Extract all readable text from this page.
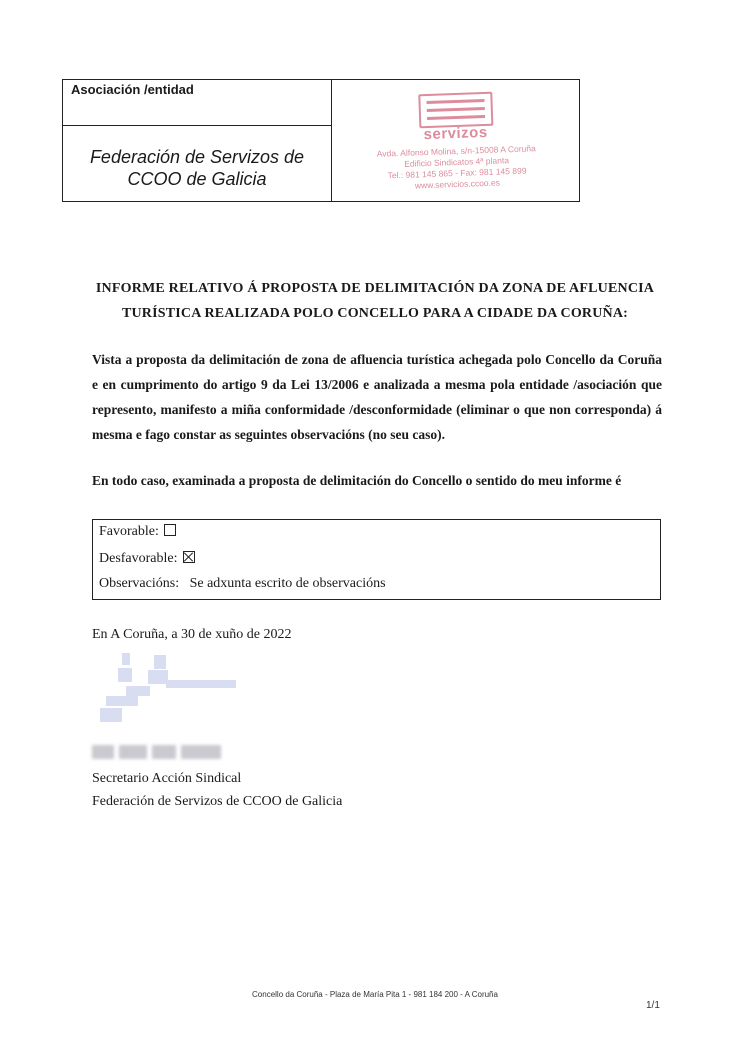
Asociación /entidad
Federación de Servizos de
CCOO de Galicia
servizos
Avda. Alfonso Molina, s/n-15008 A Coruña
Edificio Sindicatos 4ª planta
Tel.: 981 145 865 - Fax: 981 145 899
www.servicios.ccoo.es
INFORME RELATIVO Á PROPOSTA DE DELIMITACIÓN DA ZONA DE AFLUENCIA
TURÍSTICA REALIZADA POLO CONCELLO PARA A CIDADE DA CORUÑA:
Vista a proposta da delimitación de zona de afluencia turística achegada polo Concello da Coruña e en cumprimento do artigo 9 da Lei 13/2006 e analizada a mesma pola entidade /asociación que represento, manifesto a miña conformidade /desconformidade (eliminar o que non corresponda) á mesma e fago constar as seguintes observacións (no seu caso).
En todo caso, examinada a proposta de delimitación do Concello o sentido do meu informe é
Favorable:
Desfavorable:
Observacións: Se adxunta escrito de observacións
En A Coruña, a 30 de xuño de 2022
Secretario Acción Sindical
Federación de Servizos de CCOO de Galicia
Concello da Coruña - Plaza de María Pita 1 - 981 184 200 - A Coruña
1/1
